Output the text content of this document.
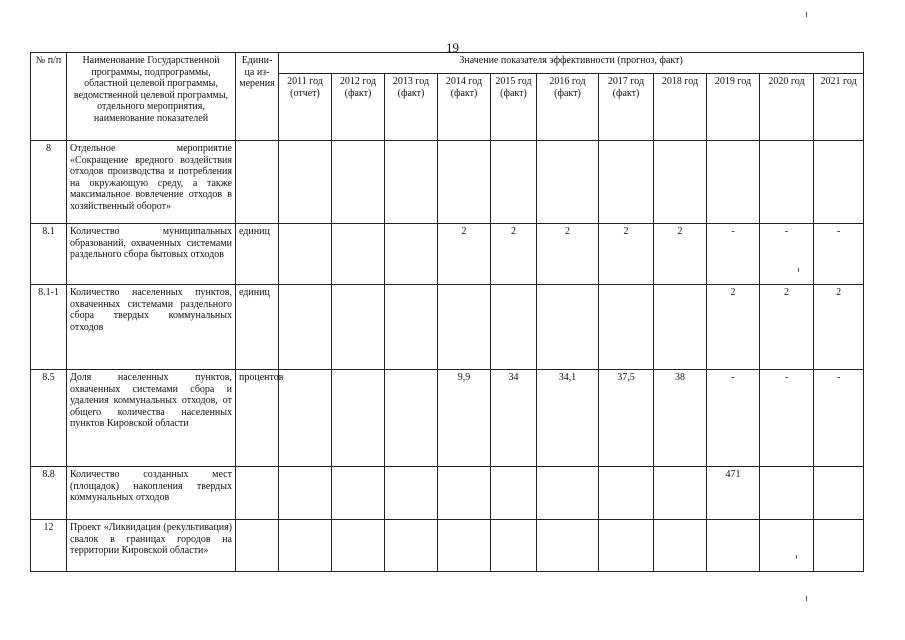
19
№ п/п	Наименование Государственной программы, подпрограммы, областной целевой программы, ведомственной целевой программы, отдельного мероприятия, наименование показателей	Едини-ца из-мерения	Значение показателя эффективности (прогноз, факт)										
			2011 год (отчет)	2012 год (факт)	2013 год (факт)	2014 год (факт)	2015 год (факт)	2016 год (факт)	2017 год (факт)	2018 год	2019 год	2020 год	2021 год
8	Отдельное мероприятие «Сокращение вредного воздействия отходов производства и потребления на окружающую среду, а также максимальное вовлечение отходов в хозяйственный оборот»												
8.1	Количество муниципальных образований, охваченных системами раздельного сбора бытовых отходов	единиц				2	2	2	2	2	-	-	-
8.1-1	Количество населенных пунктов, охваченных системами раздельного сбора твердых коммунальных отходов	единиц									2	2	2
8.5	Доля населенных пунктов, охваченных системами сбора и удаления коммунальных отходов, от общего количества населенных пунктов Кировской области	процентов				9,9	34	34,1	37,5	38	-	-	-
8.8	Количество созданных мест (площадок) накопления твердых коммунальных отходов										471		
12	Проект «Ликвидация (рекультивация) свалок в границах городов на территории Кировской области»												
